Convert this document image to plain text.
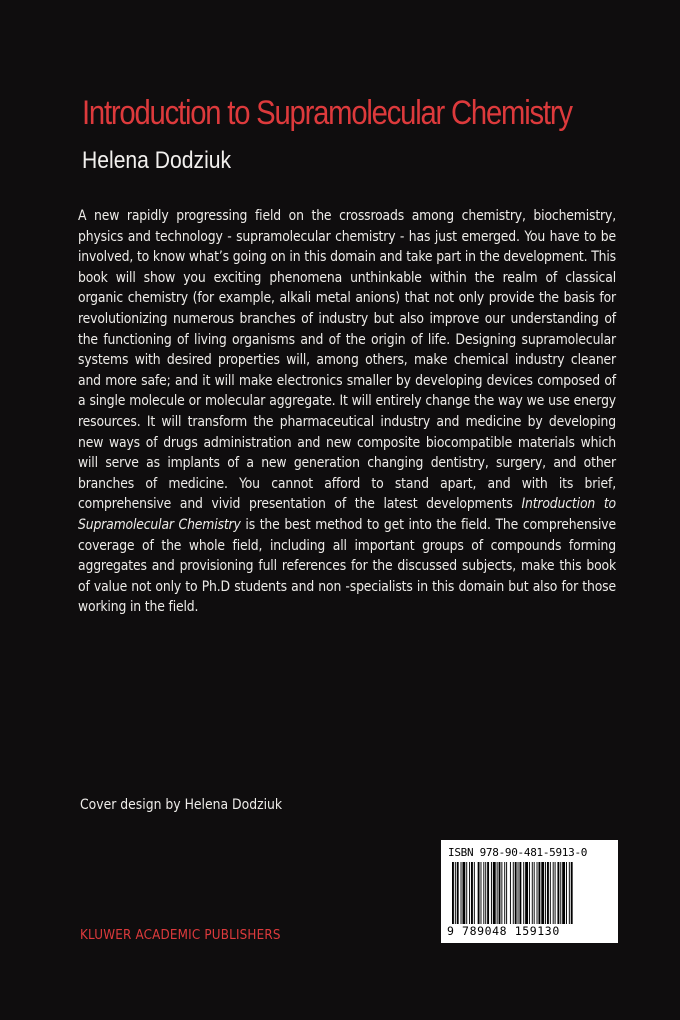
Introduction to Supramolecular Chemistry
Helena Dodziuk

A new rapidly progressing field on the crossroads among chemistry, biochemistry, physics and technology - supramolecular chemistry - has just emerged. You have to be involved, to know what’s going on in this domain and take part in the development. This book will show you exciting phenomena unthinkable within the realm of classical organic chemistry (for example, alkali metal anions) that not only provide the basis for revolutionizing numerous branches of industry but also improve our understanding of the functioning of living organisms and of the origin of life. Designing supramolecular systems with desired properties will, among others, make chemical industry cleaner and more safe; and it will make electronics smaller by developing devices composed of a single molecule or molecular aggregate. It will entirely change the way we use energy resources. It will transform the pharmaceutical industry and medicine by developing new ways of drugs administration and new composite biocompatible materials which will serve as implants of a new generation changing dentistry, surgery, and other branches of medicine. You cannot afford to stand apart, and with its brief, comprehensive and vivid presentation of the latest developments Introduction to Supramolecular Chemistry is the best method to get into the field. The comprehensive coverage of the whole field, including all important groups of compounds forming aggregates and provisioning full references for the discussed subjects, make this book of value not only to Ph.D students and non -specialists in this domain but also for those working in the field.

Cover design by Helena Dodziuk
KLUWER ACADEMIC PUBLISHERS
ISBN 978-90-481-5913-0
9 789048 159130
